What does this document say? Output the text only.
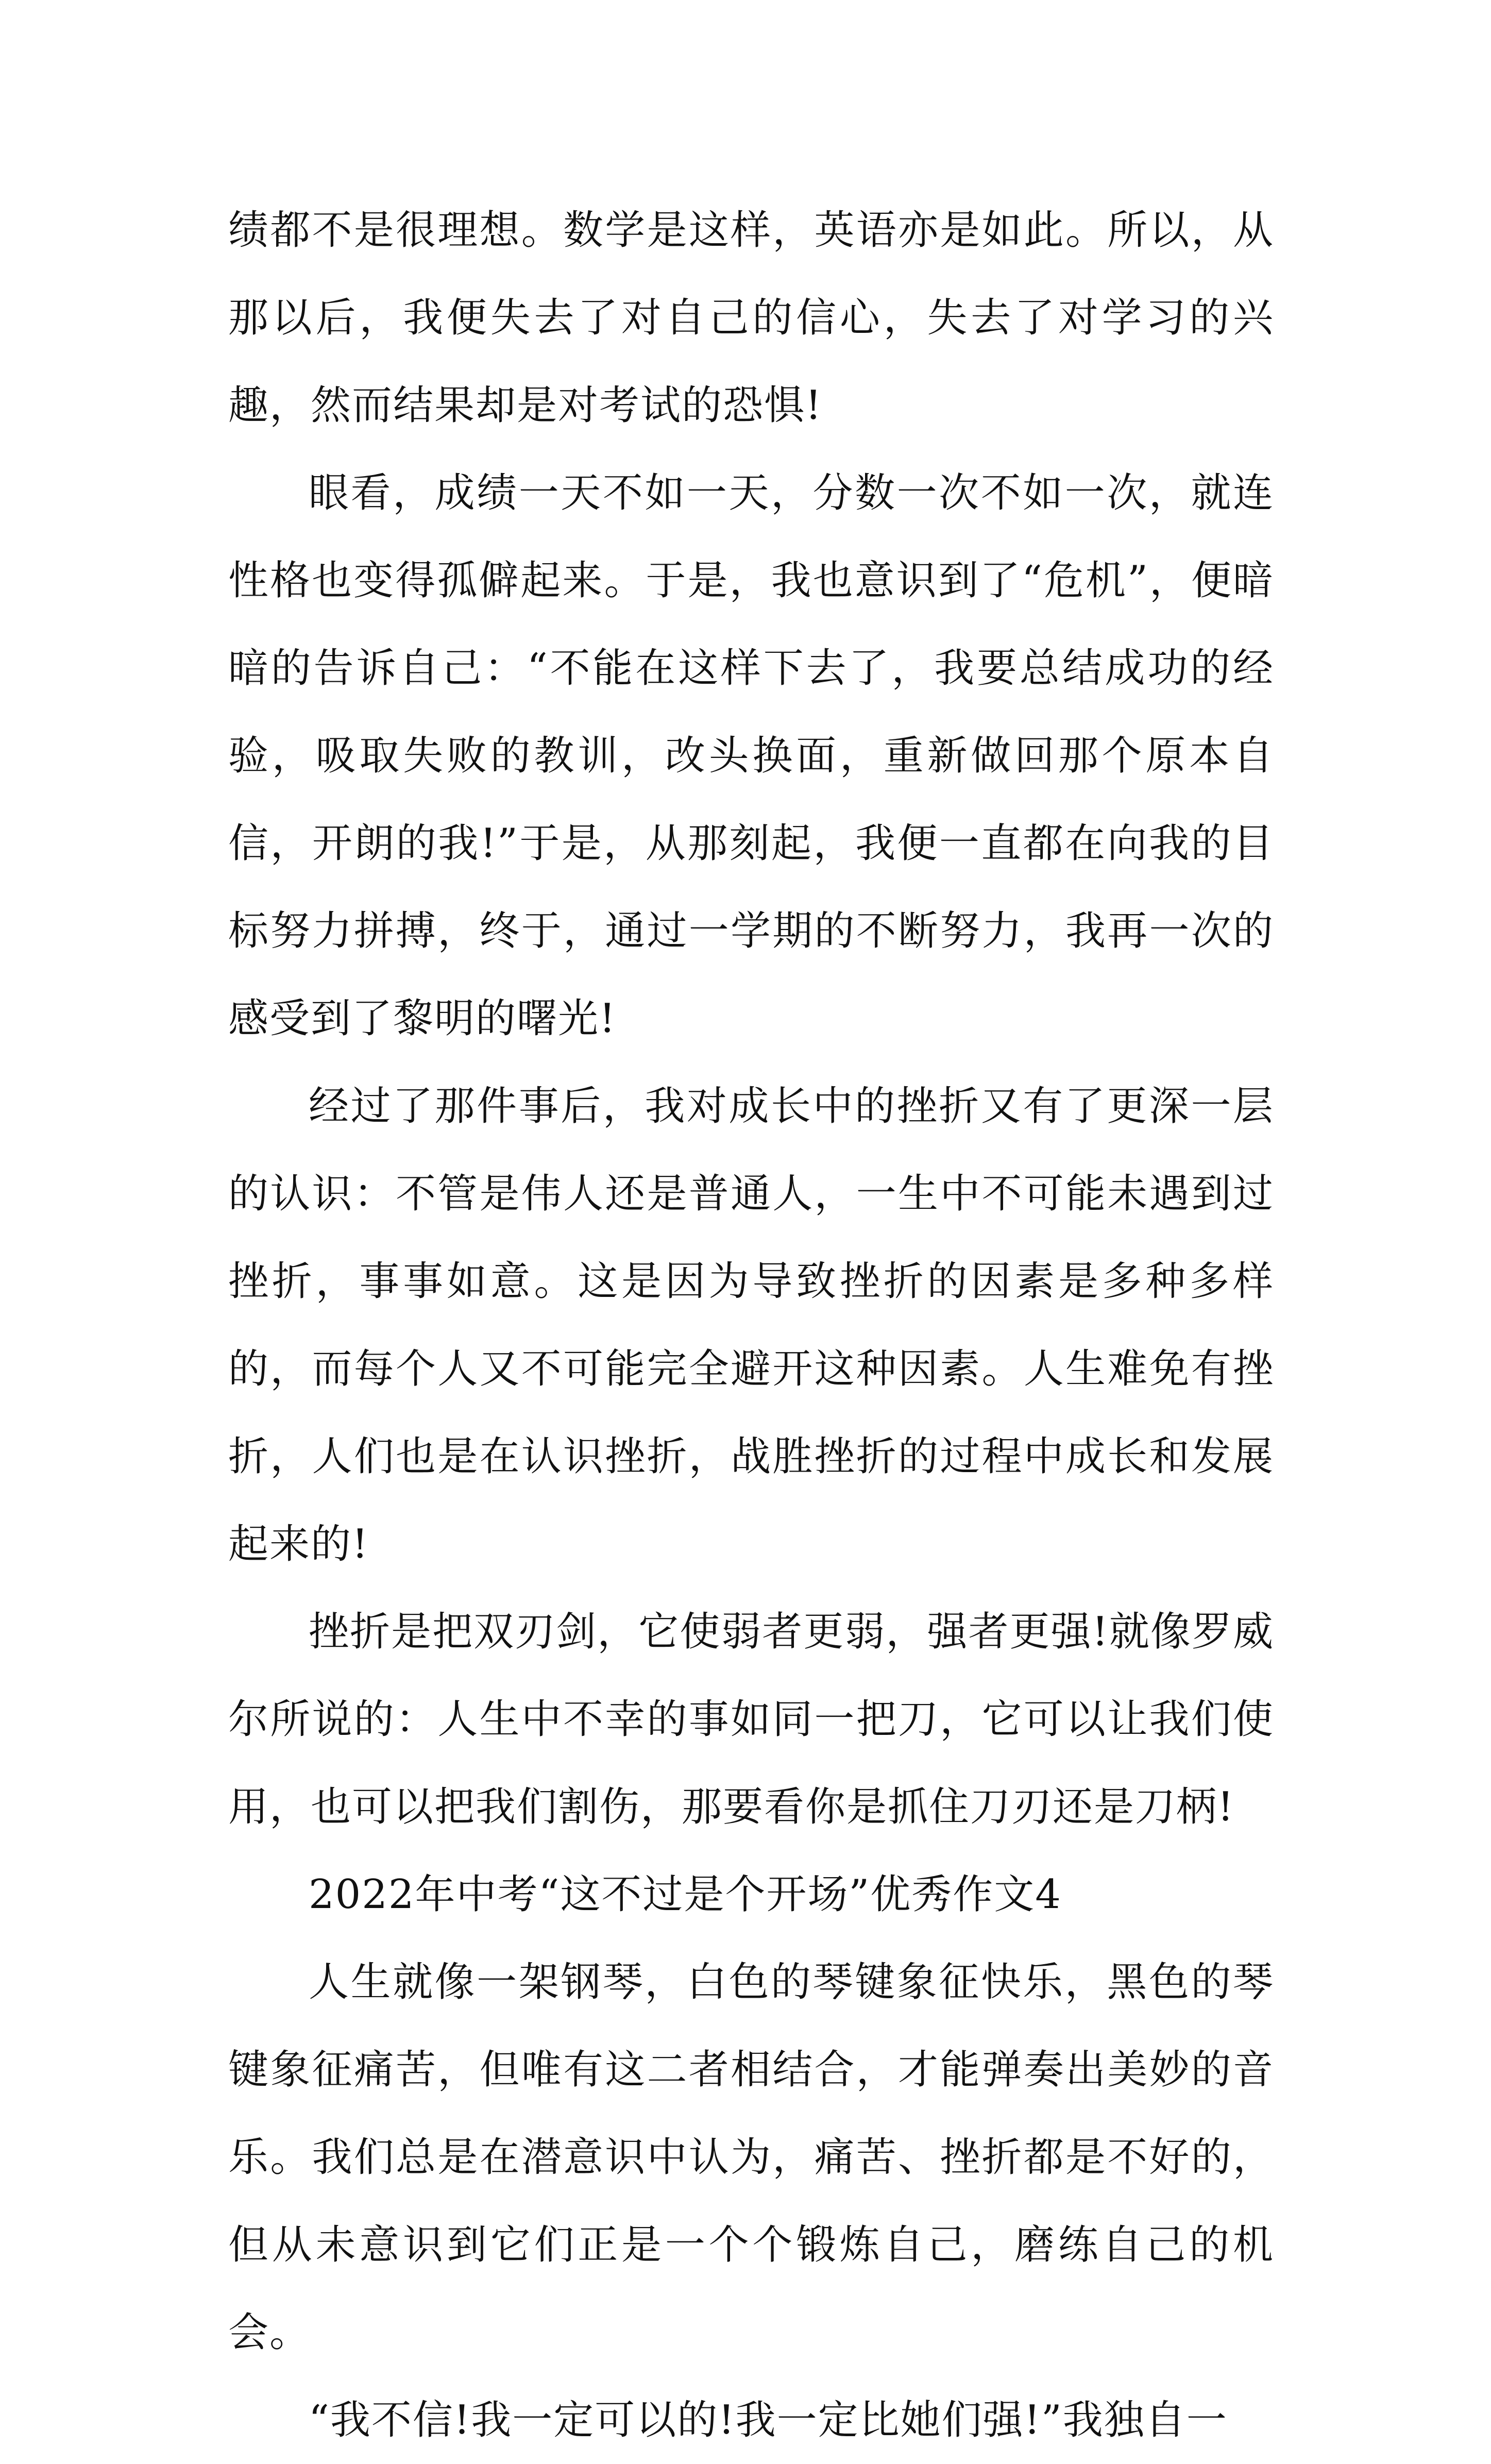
绩都不是很理想。数学是这样，英语亦是如此。所以，从那以后，我便失去了对自己的信心，失去了对学习的兴趣，然而结果却是对考试的恐惧!

眼看，成绩一天不如一天，分数一次不如一次，就连性格也变得孤僻起来。于是，我也意识到了“危机”，便暗暗的告诉自己：“不能在这样下去了，我要总结成功的经验，吸取失败的教训，改头换面，重新做回那个原本自信，开朗的我!”于是，从那刻起，我便一直都在向我的目标努力拼搏，终于，通过一学期的不断努力，我再一次的感受到了黎明的曙光!

经过了那件事后，我对成长中的挫折又有了更深一层的认识：不管是伟人还是普通人，一生中不可能未遇到过挫折，事事如意。这是因为导致挫折的因素是多种多样的，而每个人又不可能完全避开这种因素。人生难免有挫折，人们也是在认识挫折，战胜挫折的过程中成长和发展起来的!

挫折是把双刃剑，它使弱者更弱，强者更强!就像罗威尔所说的：人生中不幸的事如同一把刀，它可以让我们使用，也可以把我们割伤，那要看你是抓住刀刃还是刀柄!

2022年中考“这不过是个开场”优秀作文4

人生就像一架钢琴，白色的琴键象征快乐，黑色的琴键象征痛苦，但唯有这二者相结合，才能弹奏出美妙的音乐。我们总是在潜意识中认为，痛苦、挫折都是不好的，但从未意识到它们正是一个个锻炼自己，磨练自己的机会。

“我不信!我一定可以的!我一定比她们强!”我独自一
